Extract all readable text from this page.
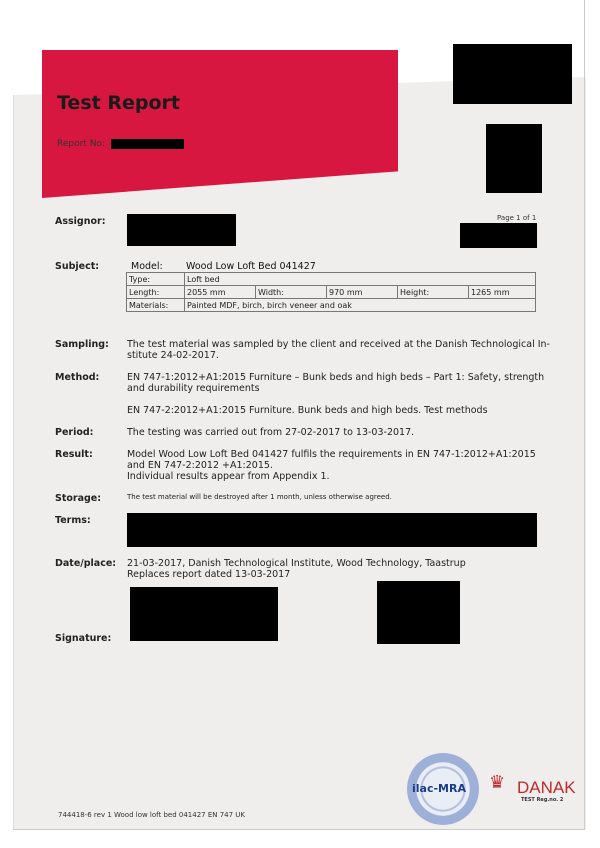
Test Report
Report No:
Assignor:	Page 1 of 1
Subject:	Model: Wood Low Loft Bed 041427
Type:	Loft bed				
Length:	2055 mm	Width:	970 mm	Height:	1265 mm
Materials:	Painted MDF, birch, birch veneer and oak				
Sampling: The test material was sampled by the client and received at the Danish Technological In-
stitute 24-02-2017.
Method:	EN 747-1:2012+A1:2015 Furniture – Bunk beds and high beds – Part 1: Safety, strength
and durability requirements
EN 747-2:2012+A1:2015 Furniture. Bunk beds and high beds. Test methods
Period:	The testing was carried out from 27-02-2017 to 13-03-2017.
Result:	Model Wood Low Loft Bed 041427 fulfils the requirements in EN 747-1:2012+A1:2015
and EN 747-2:2012 +A1:2015.
Individual results appear from Appendix 1.
Storage:	The test material will be destroyed after 1 month, unless otherwise agreed.
Terms:
Date/place: 21-03-2017, Danish Technological Institute, Wood Technology, Taastrup
Replaces report dated 13-03-2017
Signature:
ilac-MRA ♛ DANAK
TEST Reg.no. 2
744418-6 rev 1 Wood low loft bed 041427 EN 747 UK
